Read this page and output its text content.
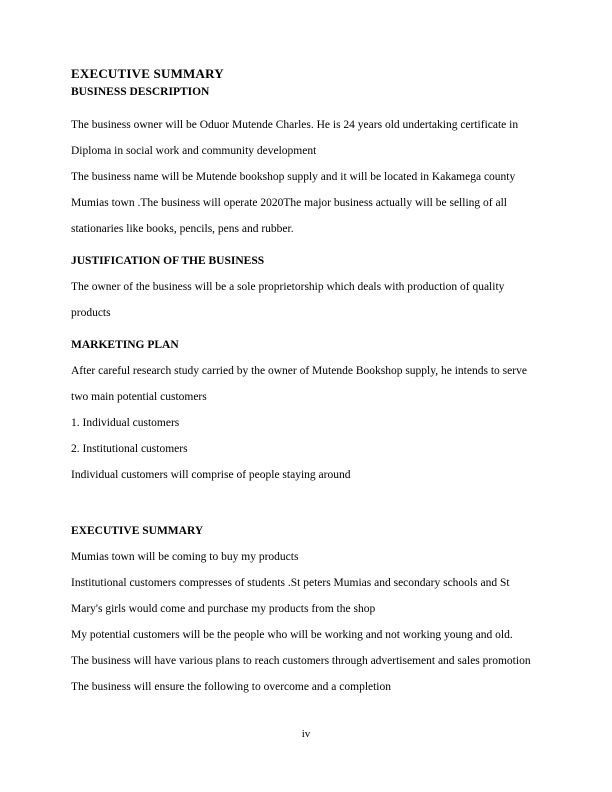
EXECUTIVE SUMMARY
BUSINESS DESCRIPTION

The business owner will be Oduor Mutende Charles. He is 24 years old undertaking certificate in Diploma in social work and community development

The business name will be Mutende bookshop supply and it will be located in Kakamega county Mumias town .The business will operate 2020The major business actually will be selling of all stationaries like books, pencils, pens and rubber.

JUSTIFICATION OF THE BUSINESS

The owner of the business will be a sole proprietorship which deals with production of quality products

MARKETING PLAN

After careful research study carried by the owner of Mutende Bookshop supply, he intends to serve two main potential customers

1. Individual customers

2. Institutional customers

Individual customers will comprise of people staying around

EXECUTIVE SUMMARY

Mumias town will be coming to buy my products

Institutional customers compresses of students .St peters Mumias and secondary schools and St Mary's girls would come and purchase my products from the shop

My potential customers will be the people who will be working and not working young and old.

The business will have various plans to reach customers through advertisement and sales promotion

The business will ensure the following to overcome and a completion

iv
